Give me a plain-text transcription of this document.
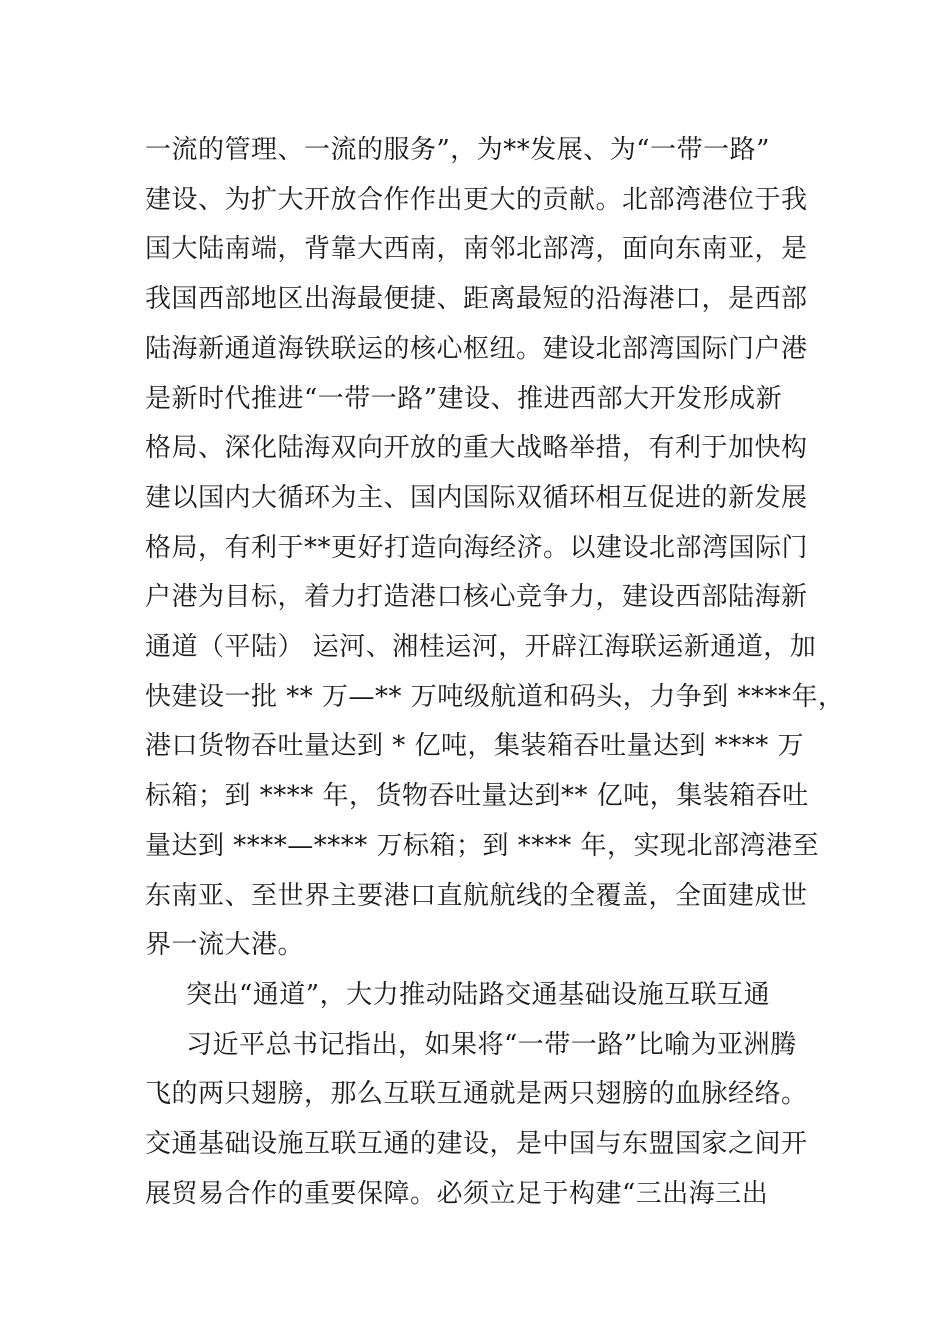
一流的管理、一流的服务”，为**发展、为“一带一路”
建设、为扩大开放合作作出更大的贡献。北部湾港位于我
国大陆南端，背靠大西南，南邻北部湾，面向东南亚，是
我国西部地区出海最便捷、距离最短的沿海港口，是西部
陆海新通道海铁联运的核心枢纽。建设北部湾国际门户港
是新时代推进“一带一路”建设、推进西部大开发形成新
格局、深化陆海双向开放的重大战略举措，有利于加快构
建以国内大循环为主、国内国际双循环相互促进的新发展
格局，有利于**更好打造向海经济。以建设北部湾国际门
户港为目标，着力打造港口核心竞争力，建设西部陆海新
通道（平陆） 运河、湘桂运河，开辟江海联运新通道，加
快建设一批 ** 万—** 万吨级航道和码头，力争到 ****年，
港口货物吞吐量达到 * 亿吨，集装箱吞吐量达到 **** 万
标箱；到 **** 年，货物吞吐量达到** 亿吨，集装箱吞吐
量达到 ****—**** 万标箱；到 **** 年，实现北部湾港至
东南亚、至世界主要港口直航航线的全覆盖，全面建成世
界一流大港。
突出“通道”，大力推动陆路交通基础设施互联互通
习近平总书记指出，如果将“一带一路”比喻为亚洲腾
飞的两只翅膀，那么互联互通就是两只翅膀的血脉经络。
交通基础设施互联互通的建设，是中国与东盟国家之间开
展贸易合作的重要保障。必须立足于构建“三出海三出
